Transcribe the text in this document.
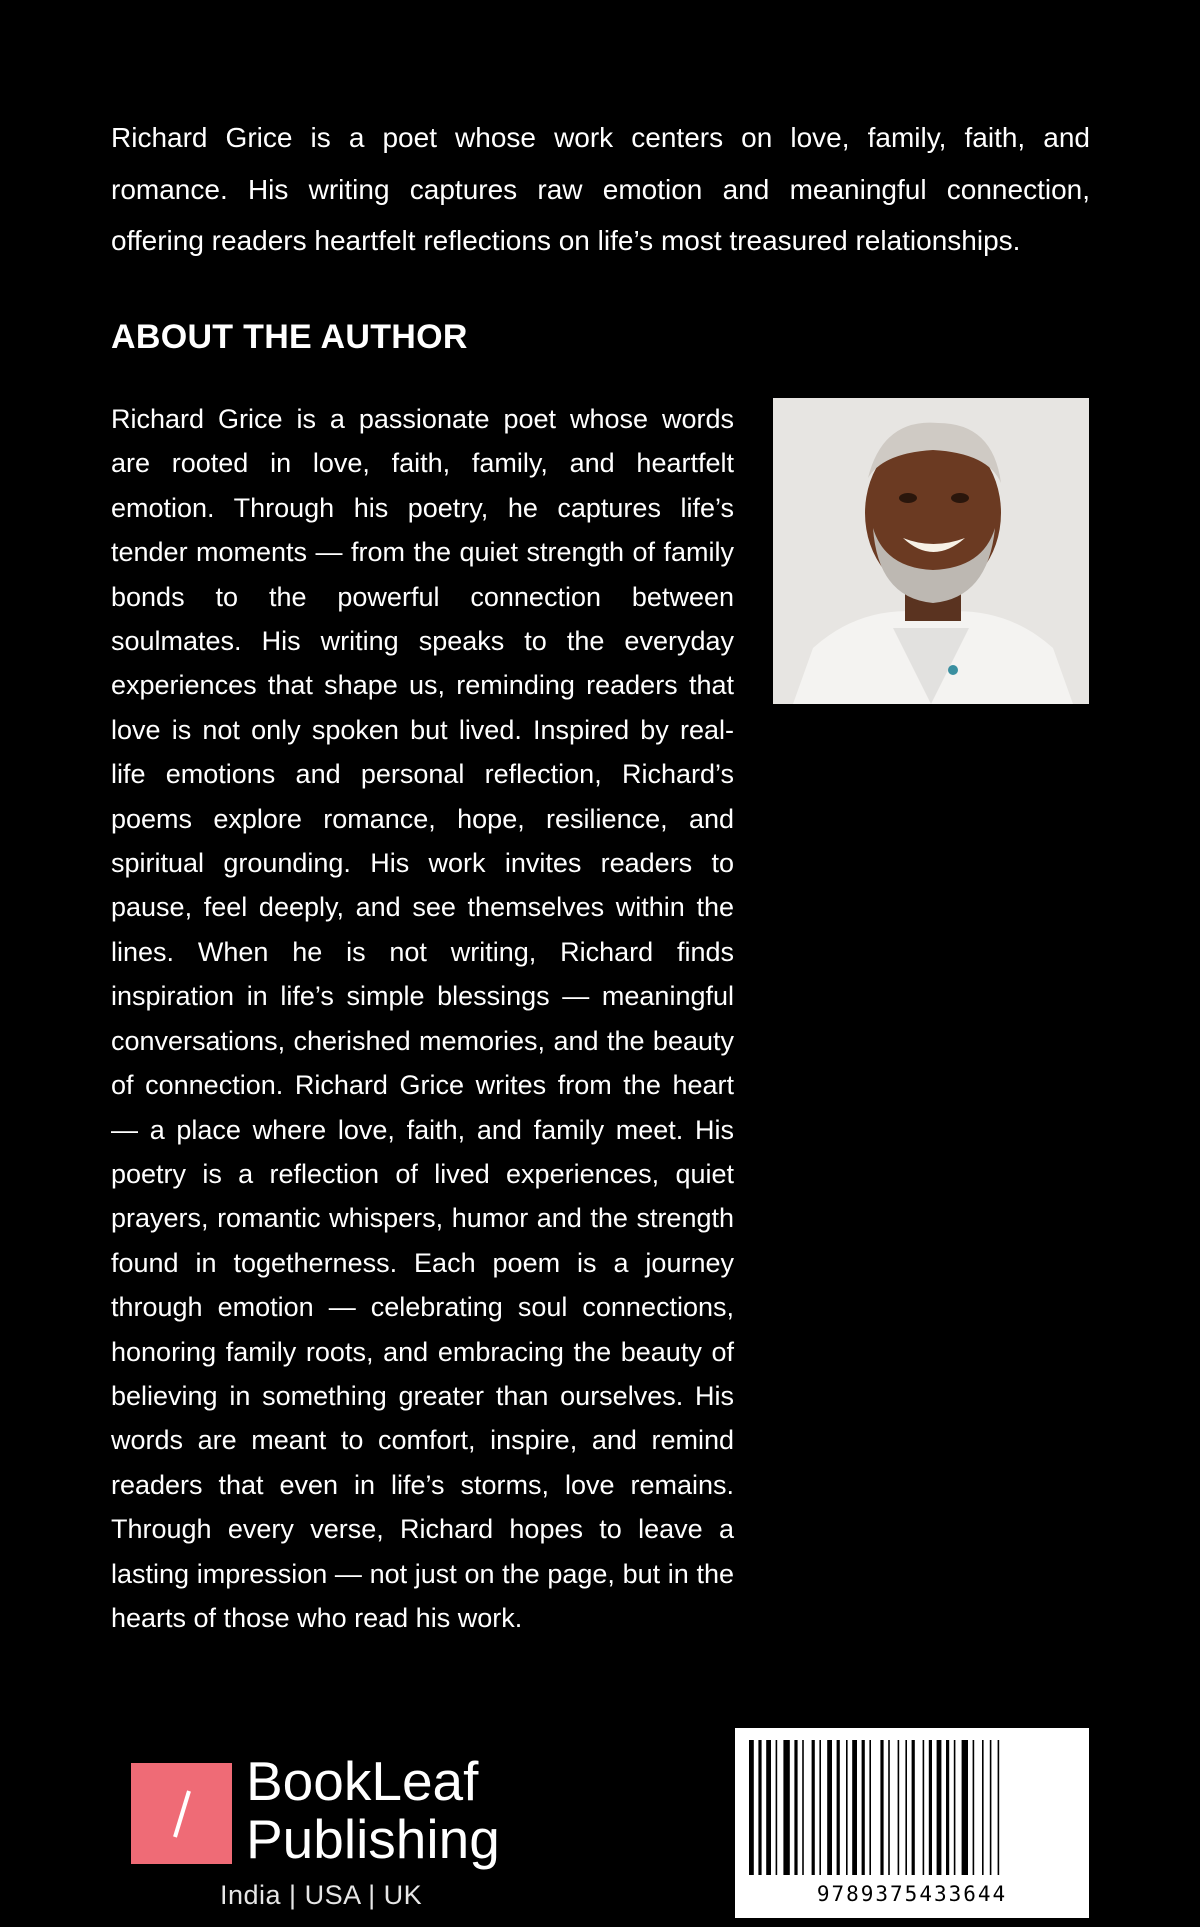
Richard Grice is a poet whose work centers on love, family, faith, and romance. His writing captures raw emotion and meaningful connection, offering readers heartfelt reflections on life’s most treasured relationships.

ABOUT THE AUTHOR

Richard Grice is a passionate poet whose words are rooted in love, faith, family, and heartfelt emotion. Through his poetry, he captures life’s tender moments — from the quiet strength of family bonds to the powerful connection between soulmates. His writing speaks to the everyday experiences that shape us, reminding readers that love is not only spoken but lived. Inspired by real-life emotions and personal reflection, Richard’s poems explore romance, hope, resilience, and spiritual grounding. His work invites readers to pause, feel deeply, and see themselves within the lines. When he is not writing, Richard finds inspiration in life’s simple blessings — meaningful conversations, cherished memories, and the beauty of connection. Richard Grice writes from the heart — a place where love, faith, and family meet. His poetry is a reflection of lived experiences, quiet prayers, romantic whispers, humor and the strength found in togetherness. Each poem is a journey through emotion — celebrating soul connections, honoring family roots, and embracing the beauty of believing in something greater than ourselves. His words are meant to comfort, inspire, and remind readers that even in life’s storms, love remains. Through every verse, Richard hopes to leave a lasting impression — not just on the page, but in the hearts of those who read his work.

BookLeaf
Publishing
India | USA | UK	9789375433644
